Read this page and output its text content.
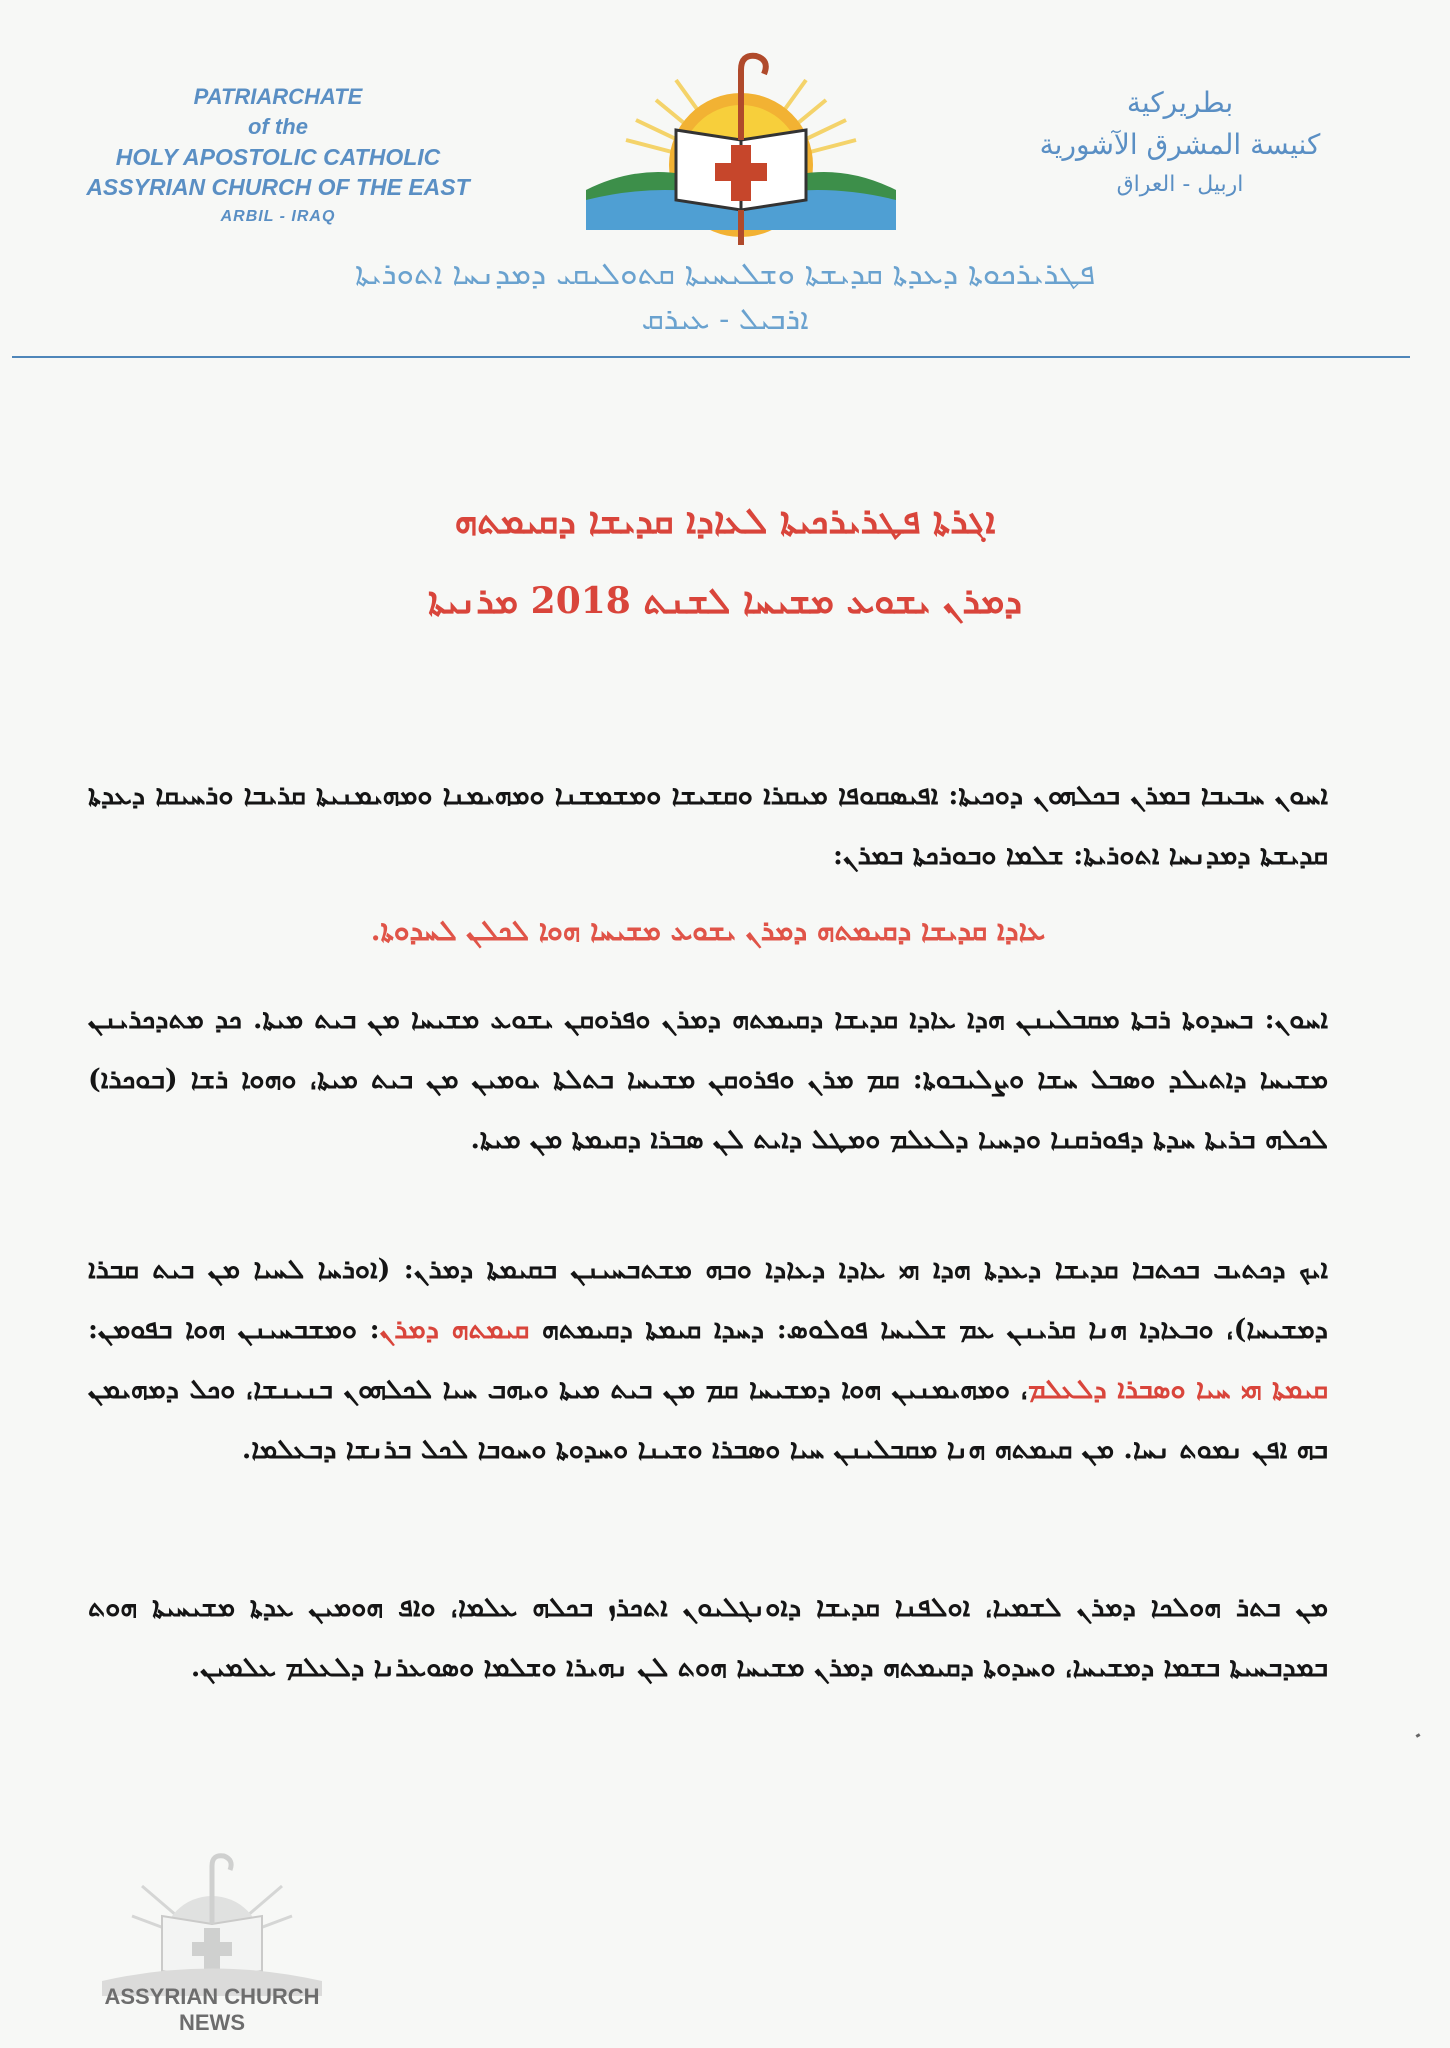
PATRIARCHATE
of the
HOLY APOSTOLIC CATHOLIC
ASSYRIAN CHURCH OF THE EAST
ARBIL - IRAQ
بطريركية
كنيسة المشرق الآشورية
اربيل - العراق
ܦܛܪܝܪܟܘܬܐ ܕܥܕܬܐ ܩܕܝܫܬܐ ܘܫܠܝܚܝܬܐ ܩܬܘܠܝܩܝ ܕܡܕܢܚܐ ܐܬܘܪܝܬܐ
ܐܪܒܝܠ - ܥܝܪܩ
ܐܓܪܬܐ ܦܛܪܝܪܟܝܬܐ ܠܥܐܕܐ ܩܕܝܫܐ ܕܩܝܡܬܗ
ܕܡܪܢ ܝܫܘܥ ܡܫܝܚܐ ܠܫܢܬ 2018 ܡܪܢܝܬܐ
ܐܚܘܢ ܚܒܝܒܐ ܒܡܪܢ ܒܟܠܗܘܢ ܕܘܟܝܬܐ: ܐܦܝܣܩܘܦܐ ܡܝܩܪܐ ܘܩܫܝܫܐ ܘܡܫܡܫܢܐ ܘܡܗܝܡܢܐ ܘܡܗܝܡܢܝܬܐ ܩܪܝܒܐ ܘܪܚܝܩܐ ܕܥܕܬܐ ܩܕܝܫܬܐ ܕܡܕܢܚܐ ܐܬܘܪܝܬܐ: ܫܠܡܐ ܘܒܘܪܟܬܐ ܒܡܪܢ:
ܥܐܕܐ ܩܕܝܫܐ ܕܩܝܡܬܗ ܕܡܪܢ ܝܫܘܥ ܡܫܝܚܐ ܗܘܐ ܠܟܠܢ ܠܚܕܘܬܐ.
ܐܚܘܢ: ܒܚܕܘܬܐ ܪܒܬܐ ܡܩܒܠܝܢܢ ܗܕܐ ܥܐܕܐ ܩܕܝܫܐ ܕܩܝܡܬܗ ܕܡܪܢ ܘܦܪܘܩܢ ܝܫܘܥ ܡܫܝܚܐ ܡܢ ܒܝܬ ܡܝܬܐ. ܟܕ ܡܬܕܟܪܝܢܢ ܡܫܝܚܐ ܕܐܬܝܠܕ ܘܣܒܠ ܚܫܐ ܘܨܠܝܒܘܬܐ: ܩܡ ܡܪܢ ܘܦܪܘܩܢ ܡܫܝܚܐ ܒܬܠܬܐ ܝܘܡܝܢ ܡܢ ܒܝܬ ܡܝܬܐ، ܘܗܘܐ ܪܫܐ (ܒܘܟܪܐ) ܠܟܠܗ ܒܪܝܬܐ ܚܕܬܐ ܕܦܘܪܩܢܐ ܘܕܚܝܐ ܕܠܥܠܡ ܘܡܛܠ ܕܐܝܬ ܠܢ ܣܒܪܐ ܕܩܝܡܬܐ ܡܢ ܡܝܬܐ.
ܐܝܟ ܕܟܬܝܒ ܒܟܬܒܐ ܩܕܝܫܐ ܕܥܕܬܐ ܗܕܐ ܗܝ ܥܐܕܐ ܕܥܐܕܐ ܘܒܗ ܡܫܬܒܚܝܢܢ ܒܩܝܡܬܐ ܕܡܪܢ: (ܐܘܪܚܐ ܠܚܝܐ ܡܢ ܒܝܬ ܩܒܪܐ ܕܡܫܝܚܐ)، ܘܒܥܐܕܐ ܗܢܐ ܩܪܝܢܢ ܥܡ ܫܠܝܚܐ ܦܘܠܘܣ: ܕܚܕܐ ܩܝܡܬܐ ܕܩܝܡܬܗ ܩܝܡܬܗ ܕܡܪܢ: ܘܡܫܒܚܝܢܢ ܗܘܐ ܒܦܘܡܢ: ܩܝܡܬܐ ܗܝ ܚܝܐ ܘܣܒܪܐ ܕܠܥܠܡ، ܘܡܗܝܡܢܝܢ ܗܘܐ ܕܡܫܝܚܐ ܩܡ ܡܢ ܒܝܬ ܡܝܬܐ ܘܝܗܒ ܚܝܐ ܠܟܠܗܘܢ ܒܢܝܢܫܐ، ܘܟܠ ܕܡܗܝܡܢ ܒܗ ܐܦܢ ܢܡܘܬ ܢܚܐ. ܡܢ ܩܝܡܬܗ ܗܢܐ ܡܩܒܠܝܢܢ ܚܝܐ ܘܣܒܪܐ ܘܫܝܢܐ ܘܚܕܘܬܐ ܘܚܘܒܐ ܠܟܠ ܒܪܢܫܐ ܕܒܥܠܡܐ.
ܡܢ ܒܬܪ ܗܘܠܟܐ ܕܡܪܢ ܠܫܡܝܐ، ܐܘܠܦܢܐ ܩܕܝܫܐ ܕܐܘܢܓܠܝܘܢ ܐܬܟܪܙ ܒܟܠܗ ܥܠܡܐ، ܘܐܦ ܗܘܡܝܢ ܥܕܬܐ ܡܫܝܚܝܬܐ ܗܘܬ ܒܡܕܒܚܝܬܐ ܒܫܡܐ ܕܡܫܝܚܐ، ܘܚܕܘܬܐ ܕܩܝܡܬܗ ܕܡܪܢ ܡܫܝܚܐ ܗܘܬ ܠܢ ܢܗܝܪܐ ܘܫܠܡܐ ܘܣܘܥܪܢܐ ܕܠܥܠܡ ܥܠܡܝܢ.
ASSYRIAN CHURCH NEWS
